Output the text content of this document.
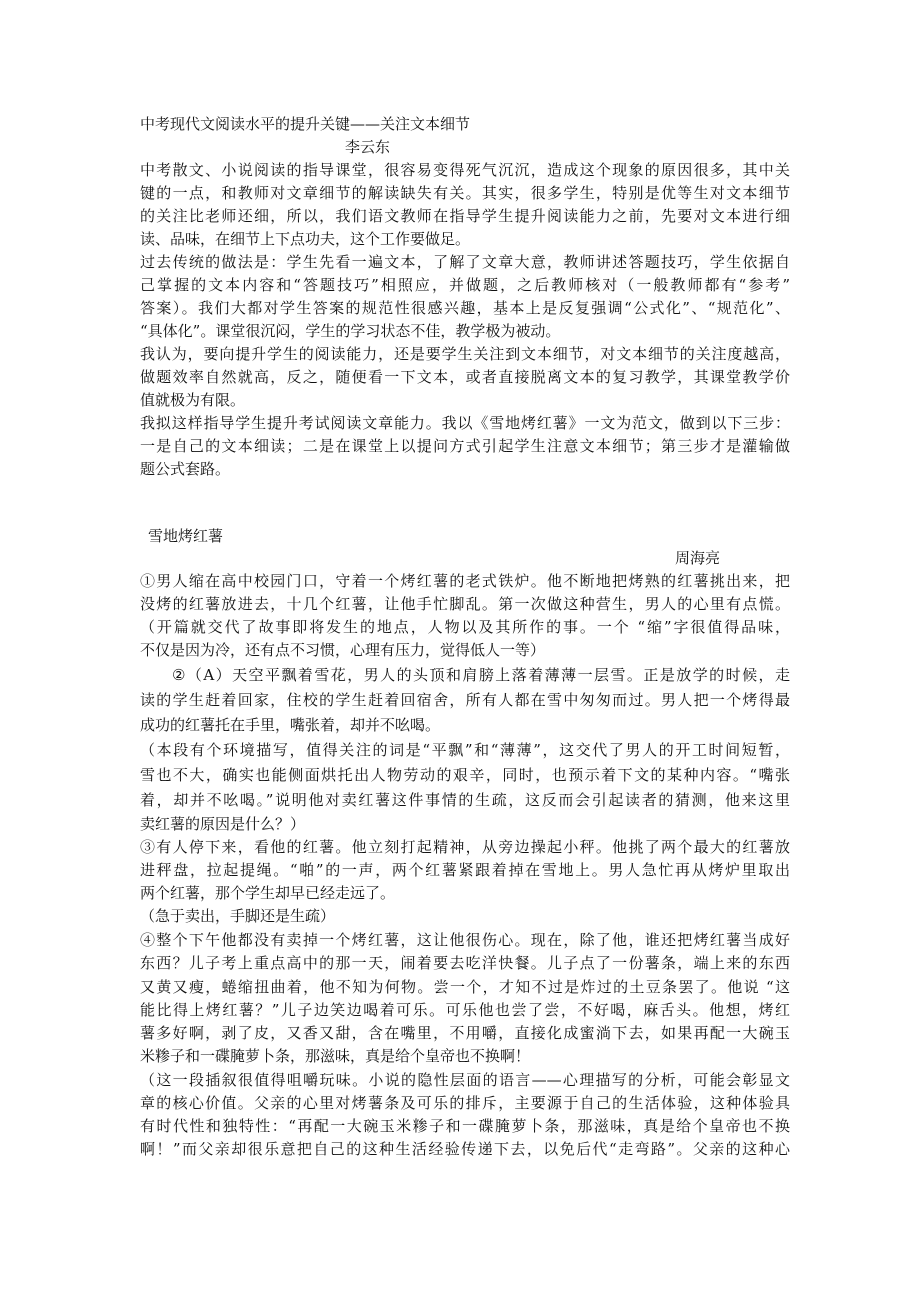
中考现代文阅读水平的提升关键——关注文本细节
李云东
中考散文、小说阅读的指导课堂，很容易变得死气沉沉，造成这个现象的原因很多，其中关
键的一点，和教师对文章细节的解读缺失有关。其实，很多学生，特别是优等生对文本细节
的关注比老师还细，所以，我们语文教师在指导学生提升阅读能力之前，先要对文本进行细
读、品味，在细节上下点功夫，这个工作要做足。
过去传统的做法是：学生先看一遍文本，了解了文章大意，教师讲述答题技巧，学生依据自
己掌握的文本内容和“答题技巧”相照应，并做题，之后教师核对（一般教师都有“参考”
答案）。我们大都对学生答案的规范性很感兴趣，基本上是反复强调“公式化”、“规范化”、
“具体化”。课堂很沉闷，学生的学习状态不佳，教学极为被动。
我认为，要向提升学生的阅读能力，还是要学生关注到文本细节，对文本细节的关注度越高，
做题效率自然就高，反之，随便看一下文本，或者直接脱离文本的复习教学，其课堂教学价
值就极为有限。
我拟这样指导学生提升考试阅读文章能力。我以《雪地烤红薯》一文为范文，做到以下三步：
一是自己的文本细读；二是在课堂上以提问方式引起学生注意文本细节；第三步才是灌输做
题公式套路。
雪地烤红薯
周海亮
①男人缩在高中校园门口，守着一个烤红薯的老式铁炉。他不断地把烤熟的红薯挑出来，把
没烤的红薯放进去，十几个红薯，让他手忙脚乱。第一次做这种营生，男人的心里有点慌。
（开篇就交代了故事即将发生的地点，人物以及其所作的事。一个 “缩”字很值得品味，
不仅是因为冷，还有点不习惯，心理有压力，觉得低人一等）
②（A）天空平飘着雪花，男人的头顶和肩膀上落着薄薄一层雪。正是放学的时候，走
读的学生赶着回家，住校的学生赶着回宿舍，所有人都在雪中匆匆而过。男人把一个烤得最
成功的红薯托在手里，嘴张着，却并不吆喝。
（本段有个环境描写，值得关注的词是“平飘”和“薄薄”，这交代了男人的开工时间短暂，
雪也不大，确实也能侧面烘托出人物劳动的艰辛，同时，也预示着下文的某种内容。“嘴张
着，却并不吆喝。”说明他对卖红薯这件事情的生疏，这反而会引起读者的猜测，他来这里
卖红薯的原因是什么？）
③有人停下来，看他的红薯。他立刻打起精神，从旁边操起小秤。他挑了两个最大的红薯放
进秤盘，拉起提绳。“啪”的一声，两个红薯紧跟着掉在雪地上。男人急忙再从烤炉里取出
两个红薯，那个学生却早已经走远了。
（急于卖出，手脚还是生疏）
④整个下午他都没有卖掉一个烤红薯，这让他很伤心。现在，除了他，谁还把烤红薯当成好
东西？儿子考上重点高中的那一天，闹着要去吃洋快餐。儿子点了一份薯条，端上来的东西
又黄又瘦，蜷缩扭曲着，他不知为何物。尝一个，才知不过是炸过的土豆条罢了。他说 “这
能比得上烤红薯？”儿子边笑边喝着可乐。可乐他也尝了尝，不好喝，麻舌头。他想，烤红
薯多好啊，剥了皮，又香又甜，含在嘴里，不用嚼，直接化成蜜淌下去，如果再配一大碗玉
米糁子和一碟腌萝卜条，那滋味，真是给个皇帝也不换啊！
（这一段插叙很值得咀嚼玩味。小说的隐性层面的语言——心理描写的分析，可能会彰显文
章的核心价值。父亲的心里对烤薯条及可乐的排斥，主要源于自己的生活体验，这种体验具
有时代性和独特性：“再配一大碗玉米糁子和一碟腌萝卜条，那滋味，真是给个皇帝也不换
啊！”而父亲却很乐意把自己的这种生活经验传递下去，以免后代“走弯路”。父亲的这种心
